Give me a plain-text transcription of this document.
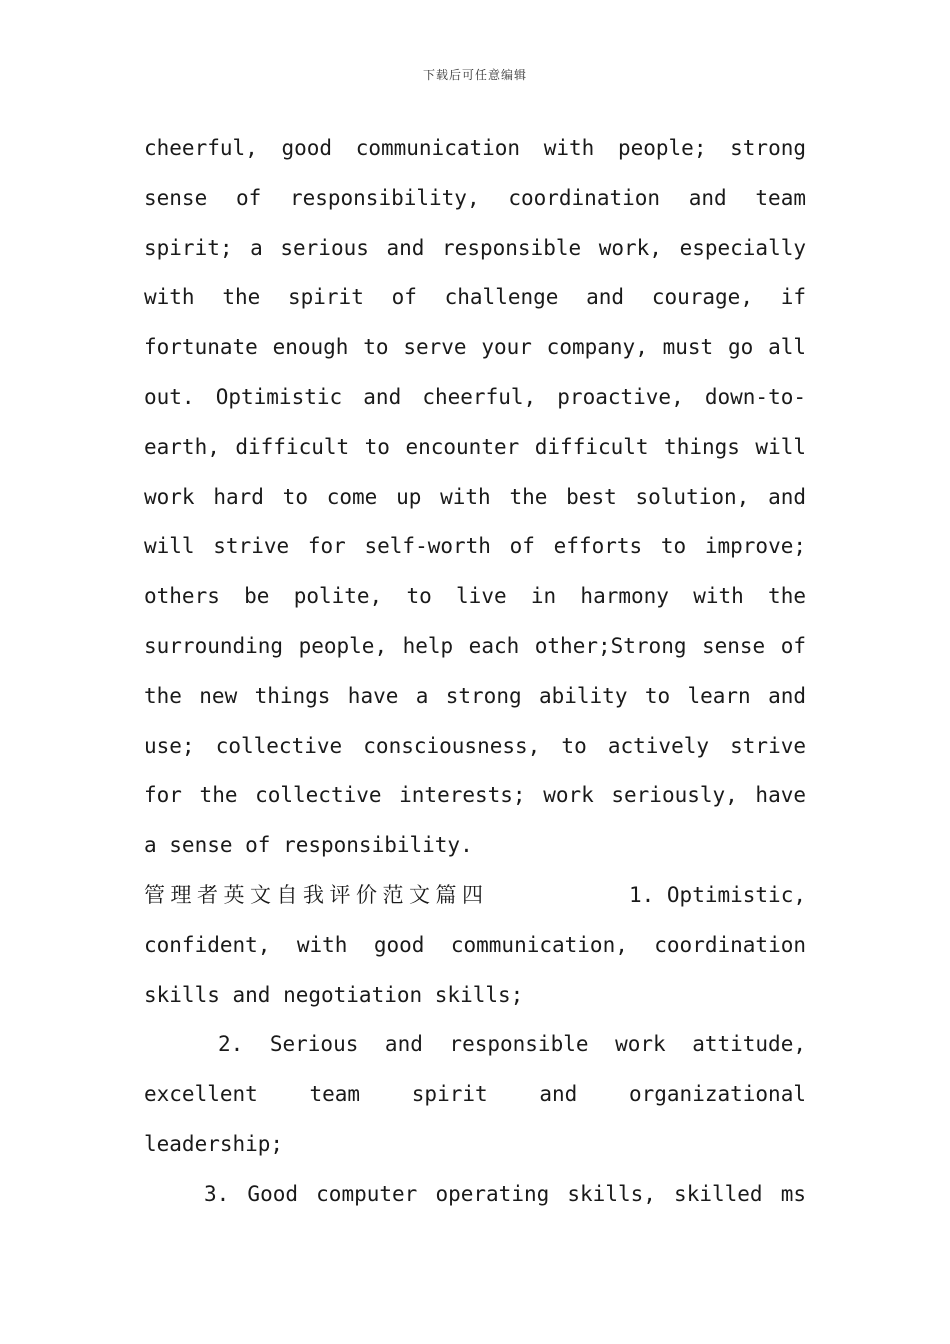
下载后可任意编辑
cheerful, good communication with people; strong
sense of responsibility, coordination and team
spirit; a serious and responsible work, especially
with the spirit of challenge and courage, if
fortunate enough to serve your company, must go all
out. Optimistic and cheerful, proactive, down-to-
earth, difficult to encounter difficult things will
work hard to come up with the best solution, and
will strive for self-worth of efforts to improve;
others be polite, to live in harmony with the
surrounding people, help each other;Strong sense of
the new things have a strong ability to learn and
use; collective consciousness, to actively strive
for the collective interests; work seriously, have
a sense of responsibility.
管理者英文自我评价范文篇四	1. Optimistic,
confident, with good communication, coordination
skills and negotiation skills;
2. Serious and responsible work attitude,
excellent team spirit and organizational
leadership;
3. Good computer operating skills, skilled ms
